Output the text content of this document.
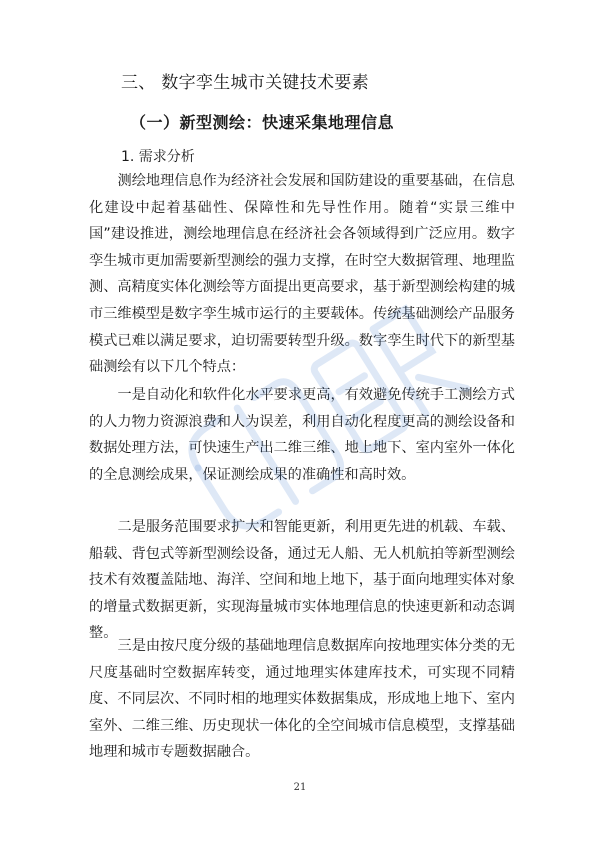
三、 数字孪生城市关键技术要素
（一）新型测绘：快速采集地理信息
1. 需求分析

测绘地理信息作为经济社会发展和国防建设的重要基础，在信息化建设中起着基础性、保障性和先导性作用。随着“实景三维中国”建设推进，测绘地理信息在经济社会各领域得到广泛应用。数字孪生城市更加需要新型测绘的强力支撑，在时空大数据管理、地理监测、高精度实体化测绘等方面提出更高要求，基于新型测绘构建的城市三维模型是数字孪生城市运行的主要载体。传统基础测绘产品服务模式已难以满足要求，迫切需要转型升级。数字孪生时代下的新型基础测绘有以下几个特点：

一是自动化和软件化水平要求更高，有效避免传统手工测绘方式的人力物力资源浪费和人为误差，利用自动化程度更高的测绘设备和数据处理方法，可快速生产出二维三维、地上地下、室内室外一体化的全息测绘成果，保证测绘成果的准确性和高时效。

二是服务范围要求扩大和智能更新，利用更先进的机载、车载、船载、背包式等新型测绘设备，通过无人船、无人机航拍等新型测绘技术有效覆盖陆地、海洋、空间和地上地下，基于面向地理实体对象的增量式数据更新，实现海量城市实体地理信息的快速更新和动态调整。

三是由按尺度分级的基础地理信息数据库向按地理实体分类的无尺度基础时空数据库转变，通过地理实体建库技术，可实现不同精度、不同层次、不同时相的地理实体数据集成，形成地上地下、室内室外、二维三维、历史现状一体化的全空间城市信息模型，支撑基础地理和城市专题数据融合。

21
